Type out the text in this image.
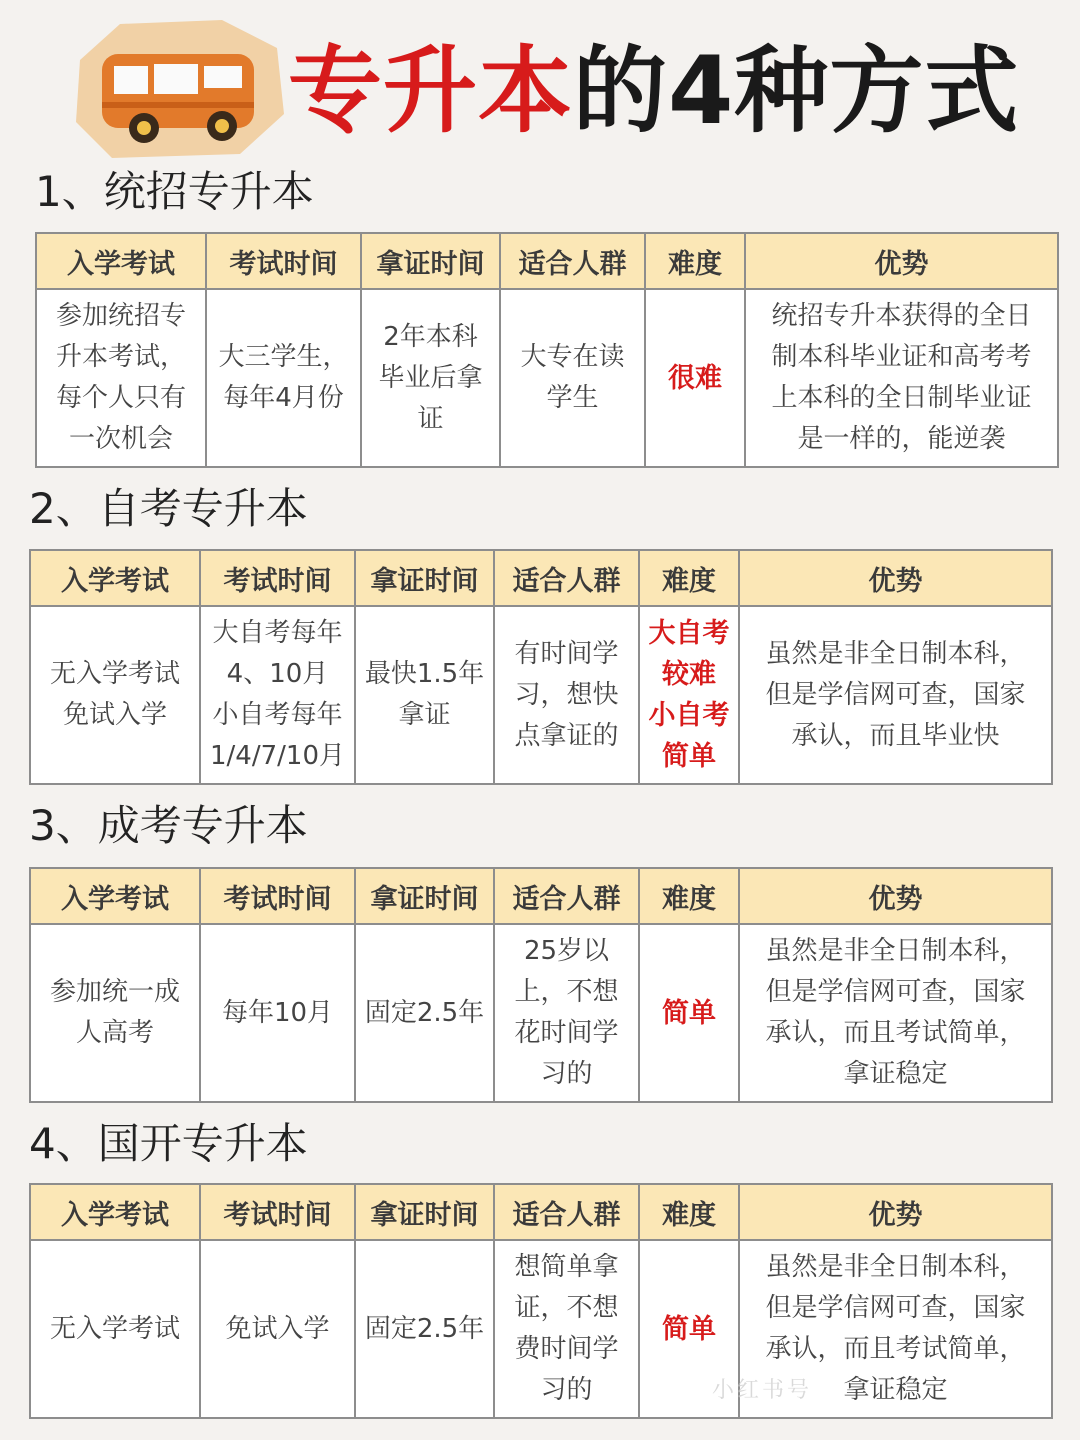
专升本的4种方式
1、统招专升本
入学考试	考试时间	拿证时间	适合人群	难度	优势
参加统招专
升本考试，
每个人只有
一次机会	大三学生，
每年4月份	2年本科
毕业后拿
证	大专在读
学生	很难	统招专升本获得的全日
制本科毕业证和高考考
上本科的全日制毕业证
是一样的，能逆袭
2、自考专升本
入学考试	考试时间	拿证时间	适合人群	难度	优势
无入学考试
免试入学	大自考每年
4、10月
小自考每年
1/4/7/10月	最快1.5年
拿证	有时间学
习，想快
点拿证的	大自考
较难
小自考
简单	虽然是非全日制本科，
但是学信网可查，国家
承认，而且毕业快
3、成考专升本
入学考试	考试时间	拿证时间	适合人群	难度	优势
参加统一成
人高考	每年10月	固定2.5年	25岁以
上，不想
花时间学
习的	简单	虽然是非全日制本科，
但是学信网可查，国家
承认，而且考试简单，
拿证稳定
4、国开专升本
入学考试	考试时间	拿证时间	适合人群	难度	优势
无入学考试	免试入学	固定2.5年	想简单拿
证，不想
费时间学
习的	简单	虽然是非全日制本科，
但是学信网可查，国家
承认，而且考试简单，
拿证稳定
小红书号
